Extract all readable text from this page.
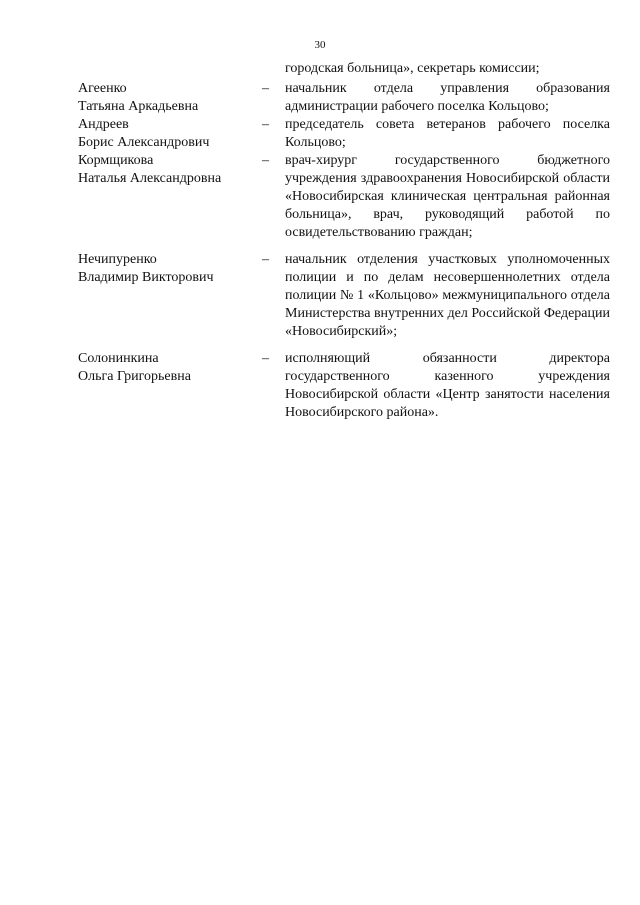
30
городская больница», секретарь комиссии;
Агеенко
Татьяна Аркадьевна
–	начальник отдела управления образования администрации рабочего поселка Кольцово;
Андреев
Борис Александрович
–	председатель совета ветеранов рабочего поселка Кольцово;
Кормщикова
Наталья Александровна
–	врач-хирург государственного бюджетного учреждения здравоохранения Новосибирской области «Новосибирская клиническая центральная районная больница», врач, руководящий работой по освидетельствованию граждан;
Нечипуренко
Владимир Викторович
–	начальник отделения участковых уполномоченных полиции и по делам несовершеннолетних отдела полиции № 1 «Кольцово» межмуниципального отдела Министерства внутренних дел Российской Федерации «Новосибирский»;
Солонинкина
Ольга Григорьевна
–	исполняющий обязанности директора государственного казенного учреждения Новосибирской области «Центр занятости населения Новосибирского района».
